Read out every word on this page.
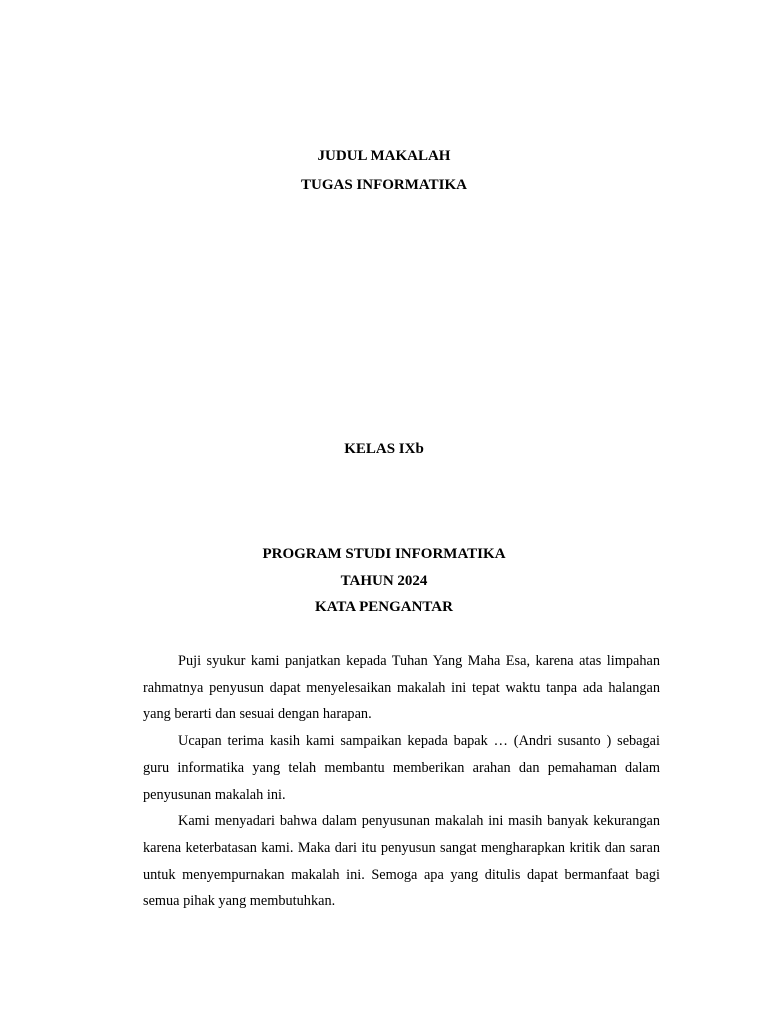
JUDUL MAKALAH
TUGAS INFORMATIKA
KELAS IXb
PROGRAM STUDI INFORMATIKA
TAHUN 2024
KATA PENGANTAR

Puji syukur kami panjatkan kepada Tuhan Yang Maha Esa, karena atas limpahan rahmatnya penyusun dapat menyelesaikan makalah ini tepat waktu tanpa ada halangan yang berarti dan sesuai dengan harapan.

Ucapan terima kasih kami sampaikan kepada bapak … (Andri susanto ) sebagai guru informatika yang telah membantu memberikan arahan dan pemahaman dalam penyusunan makalah ini.

Kami menyadari bahwa dalam penyusunan makalah ini masih banyak kekurangan karena keterbatasan kami. Maka dari itu penyusun sangat mengharapkan kritik dan saran untuk menyempurnakan makalah ini. Semoga apa yang ditulis dapat bermanfaat bagi semua pihak yang membutuhkan.
